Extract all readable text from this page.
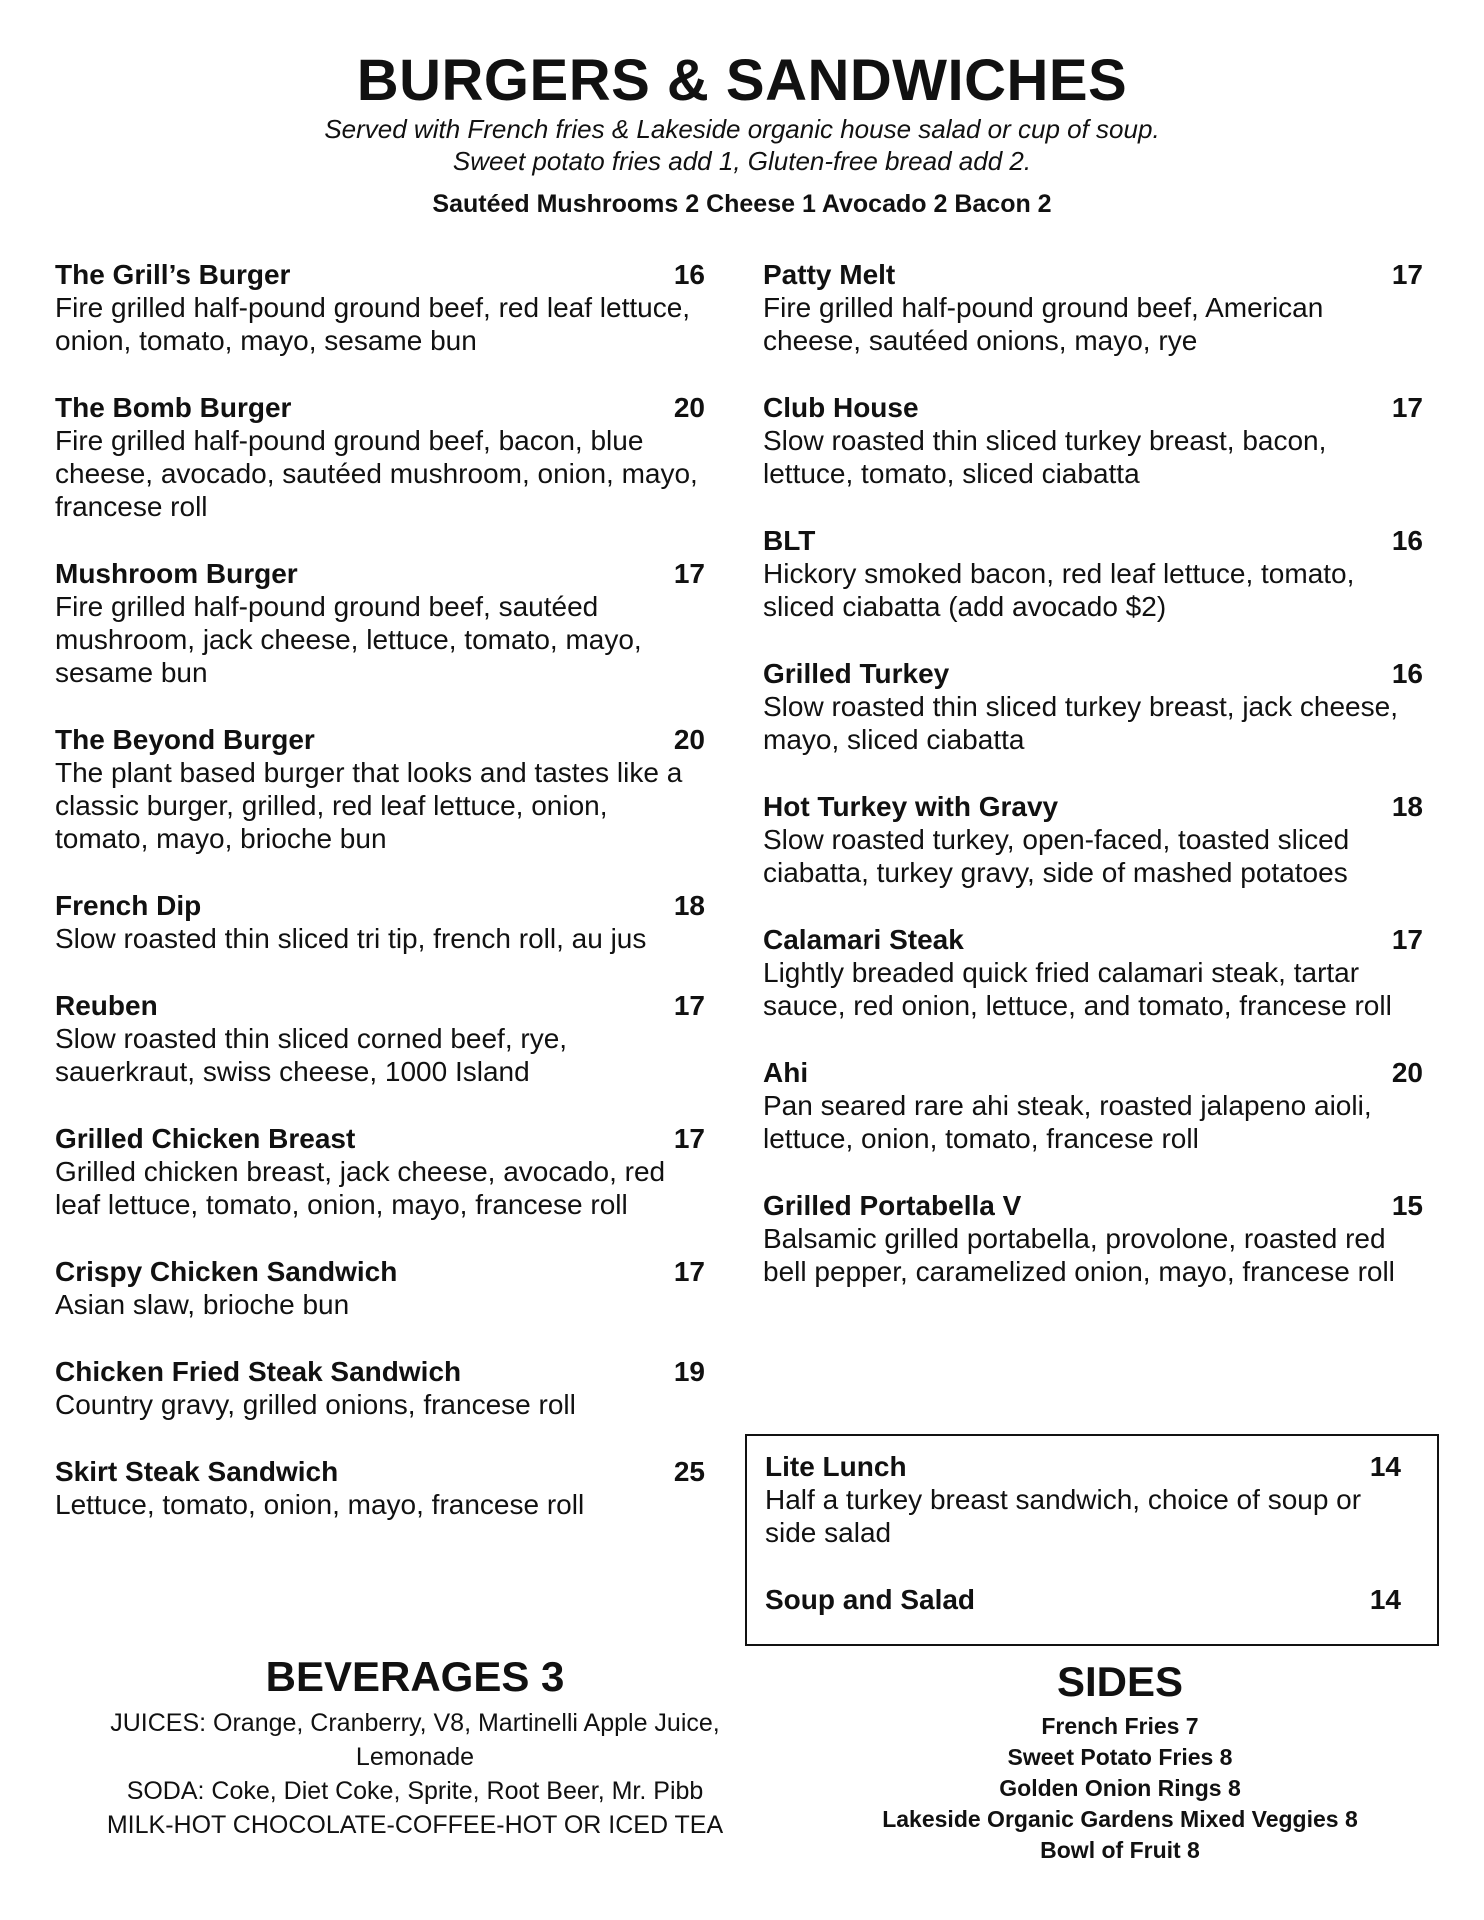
BURGERS & SANDWICHES
Served with French fries & Lakeside organic house salad or cup of soup.
Sweet potato fries add 1, Gluten-free bread add 2.
Sautéed Mushrooms 2 Cheese 1 Avocado 2 Bacon 2
The Grill’s Burger	16
Fire grilled half-pound ground beef, red leaf lettuce, onion, tomato, mayo, sesame bun
The Bomb Burger	20
Fire grilled half-pound ground beef, bacon, blue cheese, avocado, sautéed mushroom, onion, mayo, francese roll
Mushroom Burger	17
Fire grilled half-pound ground beef, sautéed mushroom, jack cheese, lettuce, tomato, mayo, sesame bun
The Beyond Burger	20
The plant based burger that looks and tastes like a classic burger, grilled, red leaf lettuce, onion, tomato, mayo, brioche bun
French Dip	18
Slow roasted thin sliced tri tip, french roll, au jus
Reuben	17
Slow roasted thin sliced corned beef, rye, sauerkraut, swiss cheese, 1000 Island
Grilled Chicken Breast	17
Grilled chicken breast, jack cheese, avocado, red leaf lettuce, tomato, onion, mayo, francese roll
Crispy Chicken Sandwich	17
Asian slaw, brioche bun
Chicken Fried Steak Sandwich	19
Country gravy, grilled onions, francese roll
Skirt Steak Sandwich	25
Lettuce, tomato, onion, mayo, francese roll
Patty Melt	17
Fire grilled half-pound ground beef, American cheese, sautéed onions, mayo, rye
Club House	17
Slow roasted thin sliced turkey breast, bacon, lettuce, tomato, sliced ciabatta
BLT	16
Hickory smoked bacon, red leaf lettuce, tomato, sliced ciabatta (add avocado $2)
Grilled Turkey	16
Slow roasted thin sliced turkey breast, jack cheese, mayo, sliced ciabatta
Hot Turkey with Gravy	18
Slow roasted turkey, open-faced, toasted sliced ciabatta, turkey gravy, side of mashed potatoes
Calamari Steak	17
Lightly breaded quick fried calamari steak, tartar sauce, red onion, lettuce, and tomato, francese roll
Ahi	20
Pan seared rare ahi steak, roasted jalapeno aioli, lettuce, onion, tomato, francese roll
Grilled Portabella V	15
Balsamic grilled portabella, provolone, roasted red bell pepper, caramelized onion, mayo, francese roll
Lite Lunch	14
Half a turkey breast sandwich, choice of soup or side salad
Soup and Salad	14
BEVERAGES 3
JUICES: Orange, Cranberry, V8, Martinelli Apple Juice,
Lemonade
SODA: Coke, Diet Coke, Sprite, Root Beer, Mr. Pibb
MILK-HOT CHOCOLATE-COFFEE-HOT OR ICED TEA
SIDES
French Fries 7
Sweet Potato Fries 8
Golden Onion Rings 8
Lakeside Organic Gardens Mixed Veggies 8
Bowl of Fruit 8
